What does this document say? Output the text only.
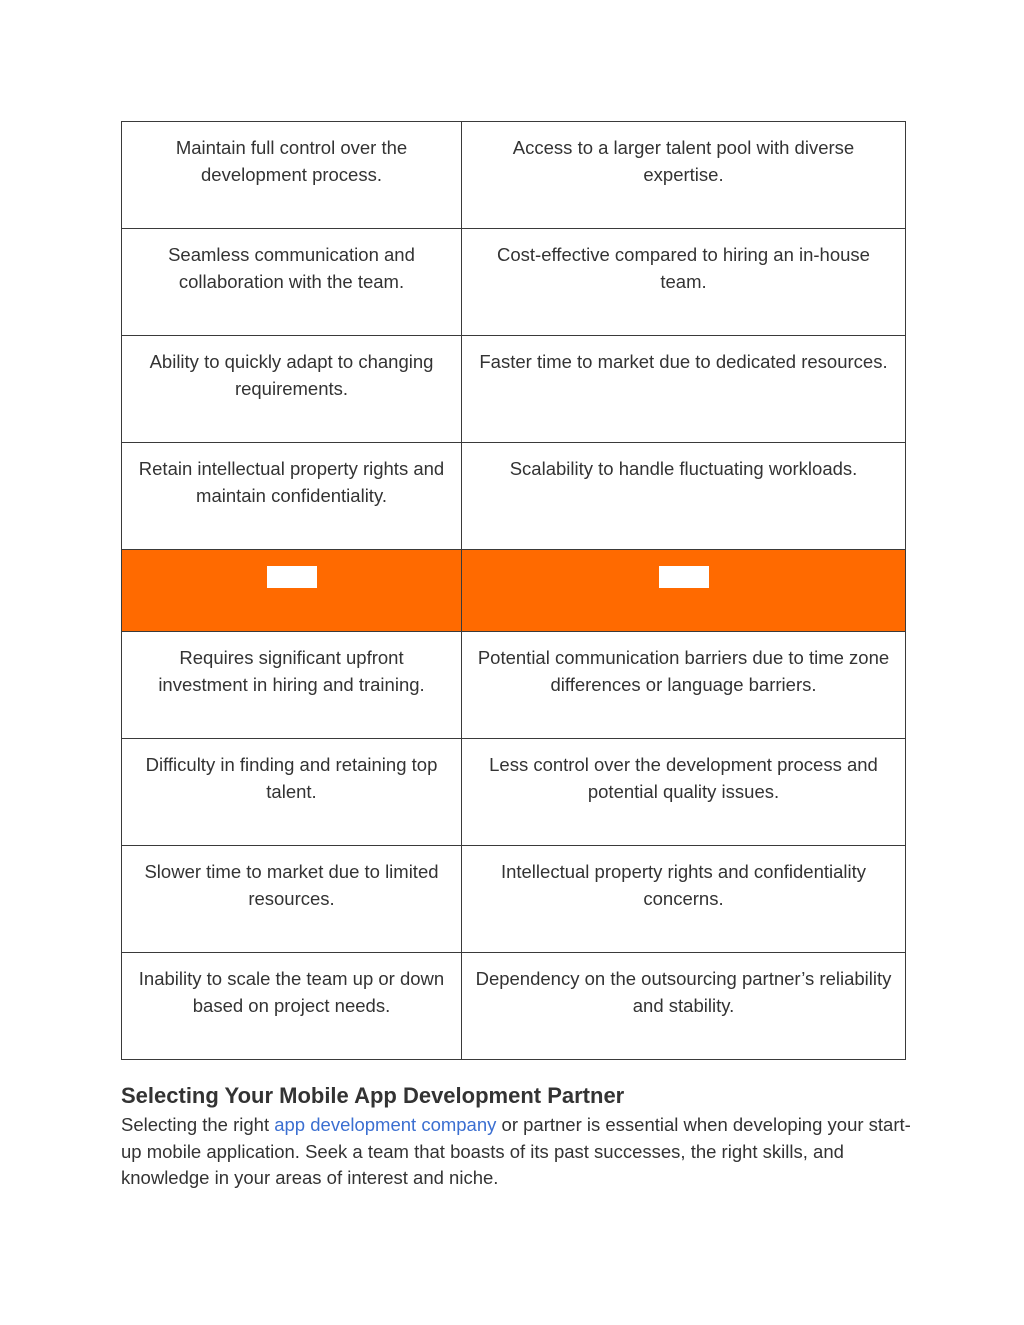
Maintain full control over the development process.	Access to a larger talent pool with diverse expertise.
Seamless communication and collaboration with the team.	Cost-effective compared to hiring an in-house team.
Ability to quickly adapt to changing requirements.	Faster time to market due to dedicated resources.
Retain intellectual property rights and maintain confidentiality.	Scalability to handle fluctuating workloads.

Requires significant upfront investment in hiring and training.	Potential communication barriers due to time zone differences or language barriers.
Difficulty in finding and retaining top talent.	Less control over the development process and potential quality issues.
Slower time to market due to limited resources.	Intellectual property rights and confidentiality concerns.
Inability to scale the team up or down based on project needs.	Dependency on the outsourcing partner’s reliability and stability.
Selecting Your Mobile App Development Partner

Selecting the right app development company or partner is essential when developing your start-up mobile application. Seek a team that boasts of its past successes, the right skills, and knowledge in your areas of interest and niche.
